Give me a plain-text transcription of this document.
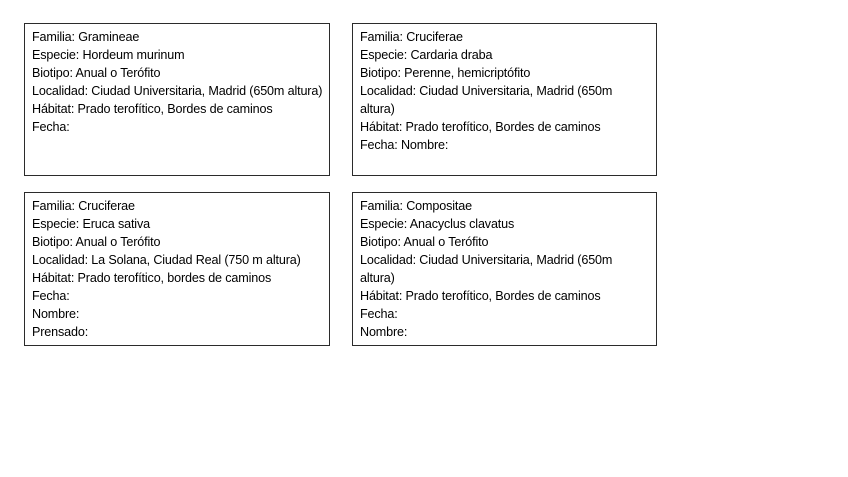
Familia: Gramineae

Especie: Hordeum murinum

Biotipo: Anual o Terófito

Localidad: Ciudad Universitaria, Madrid (650m altura)

Hábitat: Prado terofítico, Bordes de caminos

Fecha:

Familia: Cruciferae

Especie: Cardaria draba

Biotipo: Perenne, hemicriptófito

Localidad: Ciudad Universitaria, Madrid (650m altura)

Hábitat: Prado terofítico, Bordes de caminos

Fecha: Nombre:

Familia: Cruciferae

Especie: Eruca sativa

Biotipo: Anual o Terófito

Localidad: La Solana, Ciudad Real (750 m altura)

Hábitat: Prado terofítico, bordes de caminos

Fecha:

Nombre:

Prensado:

Familia: Compositae

Especie: Anacyclus clavatus

Biotipo: Anual o Terófito

Localidad: Ciudad Universitaria, Madrid (650m altura)

Hábitat: Prado terofítico, Bordes de caminos

Fecha:

Nombre:
